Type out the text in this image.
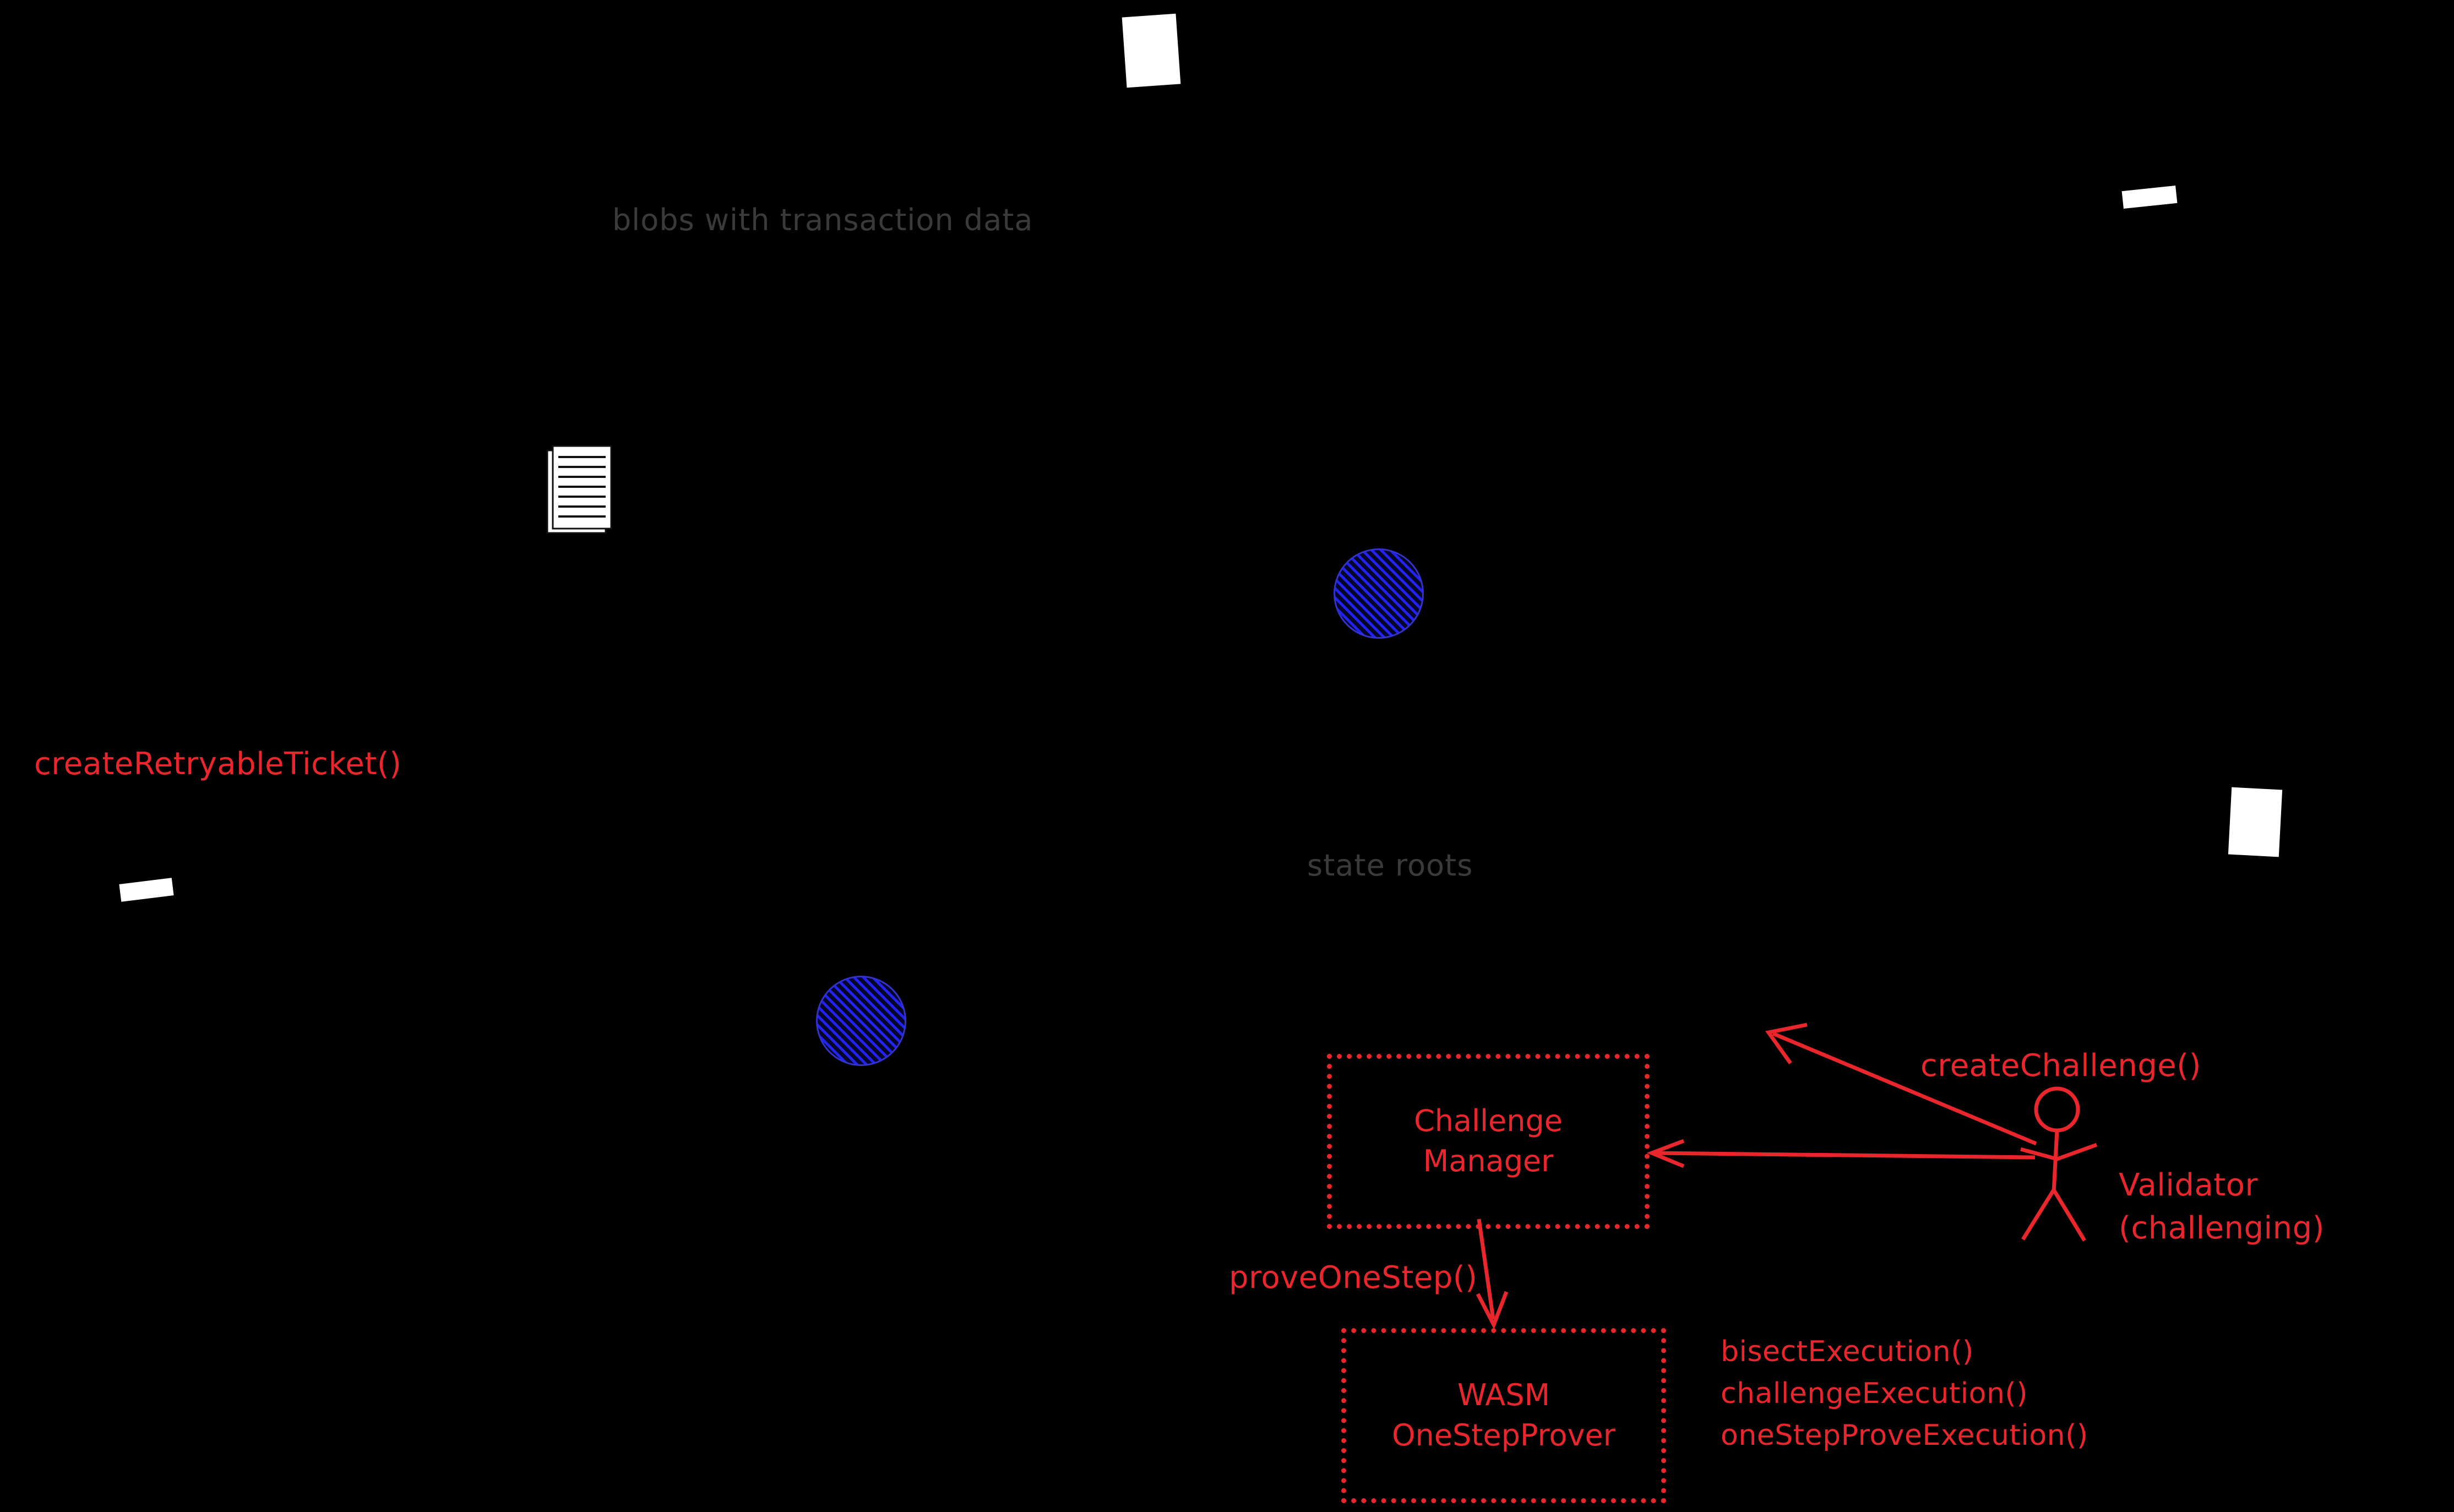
blobs with transaction data
state roots
createRetryableTicket()
createChallenge()
proveOneStep()
Challenge
Manager
WASM
OneStepProver
Validator
(challenging)
bisectExecution()
challengeExecution()
oneStepProveExecution()
